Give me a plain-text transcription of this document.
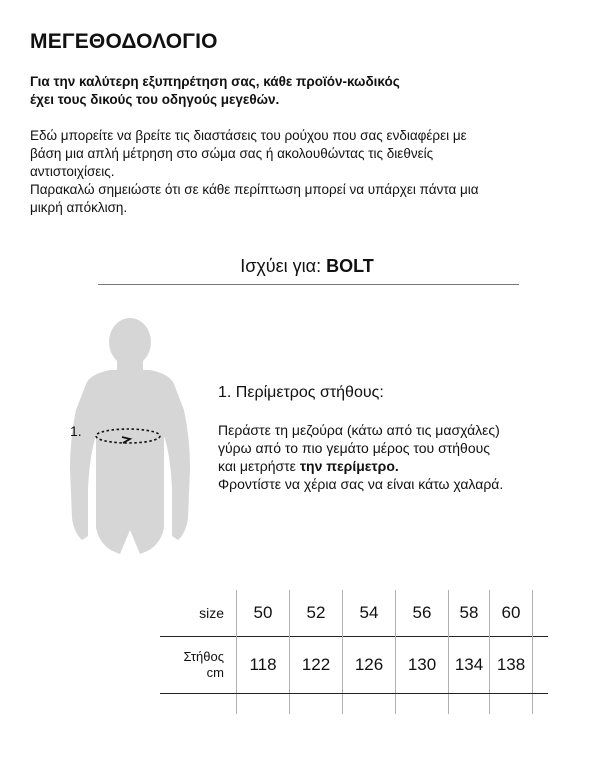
ΜΕΓΕΘΟΔΟΛΟΓΙΟ

Για την καλύτερη εξυπηρέτηση σας, κάθε προϊόν-κωδικός
έχει τους δικούς του οδηγούς μεγεθών.

Εδώ μπορείτε να βρείτε τις διαστάσεις του ρούχου που σας ενδιαφέρει με
βάση μια απλή μέτρηση στο σώμα σας ή ακολουθώντας τις διεθνείς
αντιστοιχίσεις.
Παρακαλώ σημειώστε ότι σε κάθε περίπτωση μπορεί να υπάρχει πάντα μια
μικρή απόκλιση.

Ισχύει για: BOLT
1.
1. Περίμετρος στήθους:

Περάστε τη μεζούρα (κάτω από τις μασχάλες)
γύρω από το πιο γεμάτο μέρος του στήθους
και μετρήστε την περίμετρο.
Φροντίστε να χέρια σας να είναι κάτω χαλαρά.

size	50	52	54	56	58	60	
Στήθος
cm	118	122	126	130	134	138	
